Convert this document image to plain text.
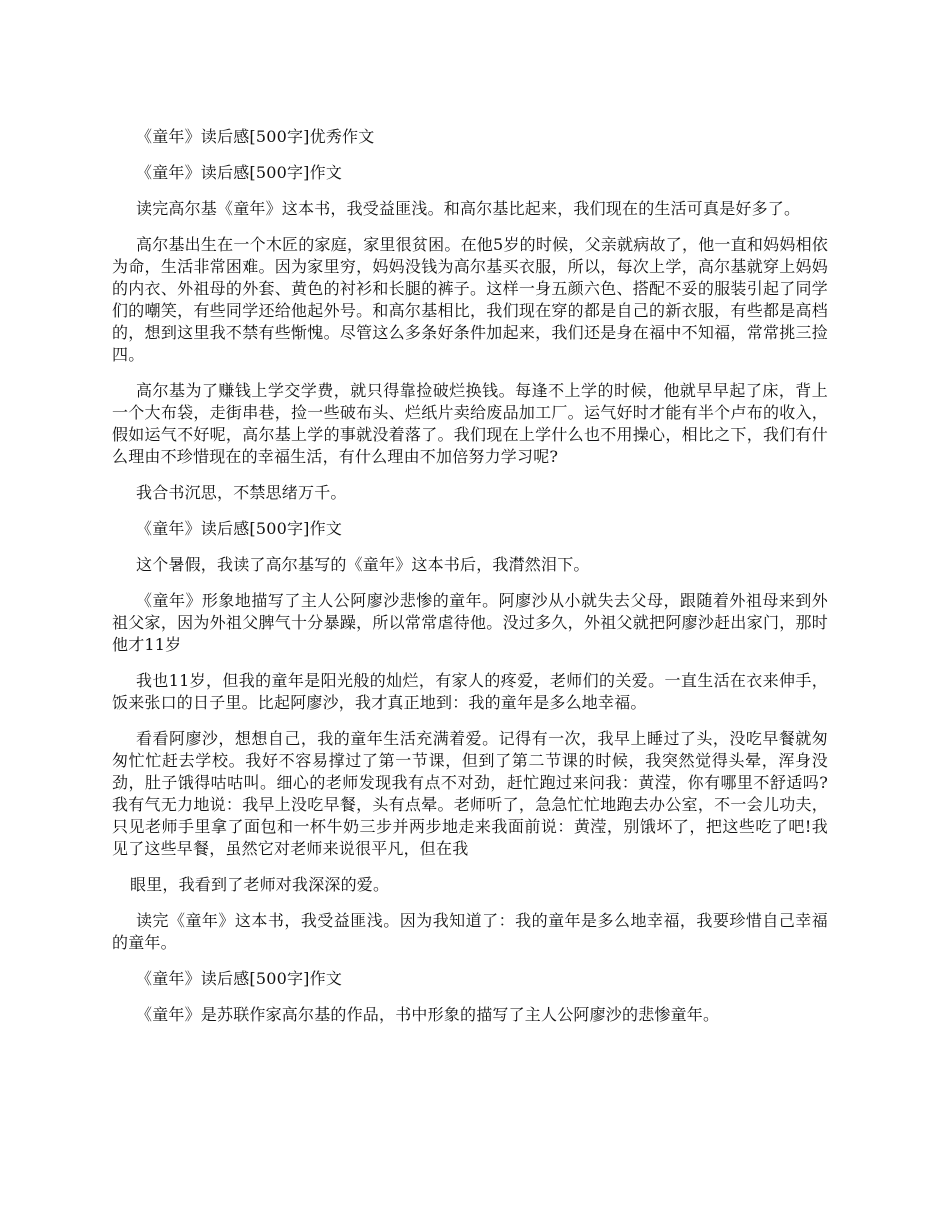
《童年》读后感[500字]优秀作文

《童年》读后感[500字]作文

读完高尔基《童年》这本书，我受益匪浅。和高尔基比起来，我们现在的生活可真是好多了。

高尔基出生在一个木匠的家庭，家里很贫困。在他5岁的时候，父亲就病故了，他一直和妈妈相依为命，生活非常困难。因为家里穷，妈妈没钱为高尔基买衣服，所以，每次上学，高尔基就穿上妈妈的内衣、外祖母的外套、黄色的衬衫和长腿的裤子。这样一身五颜六色、搭配不妥的服装引起了同学们的嘲笑，有些同学还给他起外号。和高尔基相比，我们现在穿的都是自己的新衣服，有些都是高档的，想到这里我不禁有些惭愧。尽管这么多条好条件加起来，我们还是身在福中不知福，常常挑三捡四。

高尔基为了赚钱上学交学费，就只得靠捡破烂换钱。每逢不上学的时候，他就早早起了床，背上一个大布袋，走街串巷，捡一些破布头、烂纸片卖给废品加工厂。运气好时才能有半个卢布的收入，假如运气不好呢，高尔基上学的事就没着落了。我们现在上学什么也不用操心，相比之下，我们有什么理由不珍惜现在的幸福生活，有什么理由不加倍努力学习呢?

我合书沉思，不禁思绪万千。

《童年》读后感[500字]作文

这个暑假，我读了高尔基写的《童年》这本书后，我潸然泪下。

《童年》形象地描写了主人公阿廖沙悲惨的童年。阿廖沙从小就失去父母，跟随着外祖母来到外祖父家，因为外祖父脾气十分暴躁，所以常常虐待他。没过多久，外祖父就把阿廖沙赶出家门，那时他才11岁

我也11岁，但我的童年是阳光般的灿烂，有家人的疼爱，老师们的关爱。一直生活在衣来伸手，饭来张口的日子里。比起阿廖沙，我才真正地到：我的童年是多么地幸福。

看看阿廖沙，想想自己，我的童年生活充满着爱。记得有一次，我早上睡过了头，没吃早餐就匆匆忙忙赶去学校。我好不容易撑过了第一节课，但到了第二节课的时候，我突然觉得头晕，浑身没劲，肚子饿得咕咕叫。细心的老师发现我有点不对劲，赶忙跑过来问我：黄滢，你有哪里不舒适吗?我有气无力地说：我早上没吃早餐，头有点晕。老师听了，急急忙忙地跑去办公室，不一会儿功夫，只见老师手里拿了面包和一杯牛奶三步并两步地走来我面前说：黄滢，别饿坏了，把这些吃了吧!我见了这些早餐，虽然它对老师来说很平凡，但在我

眼里，我看到了老师对我深深的爱。

读完《童年》这本书，我受益匪浅。因为我知道了：我的童年是多么地幸福，我要珍惜自己幸福的童年。

《童年》读后感[500字]作文

《童年》是苏联作家高尔基的作品，书中形象的描写了主人公阿廖沙的悲惨童年。
